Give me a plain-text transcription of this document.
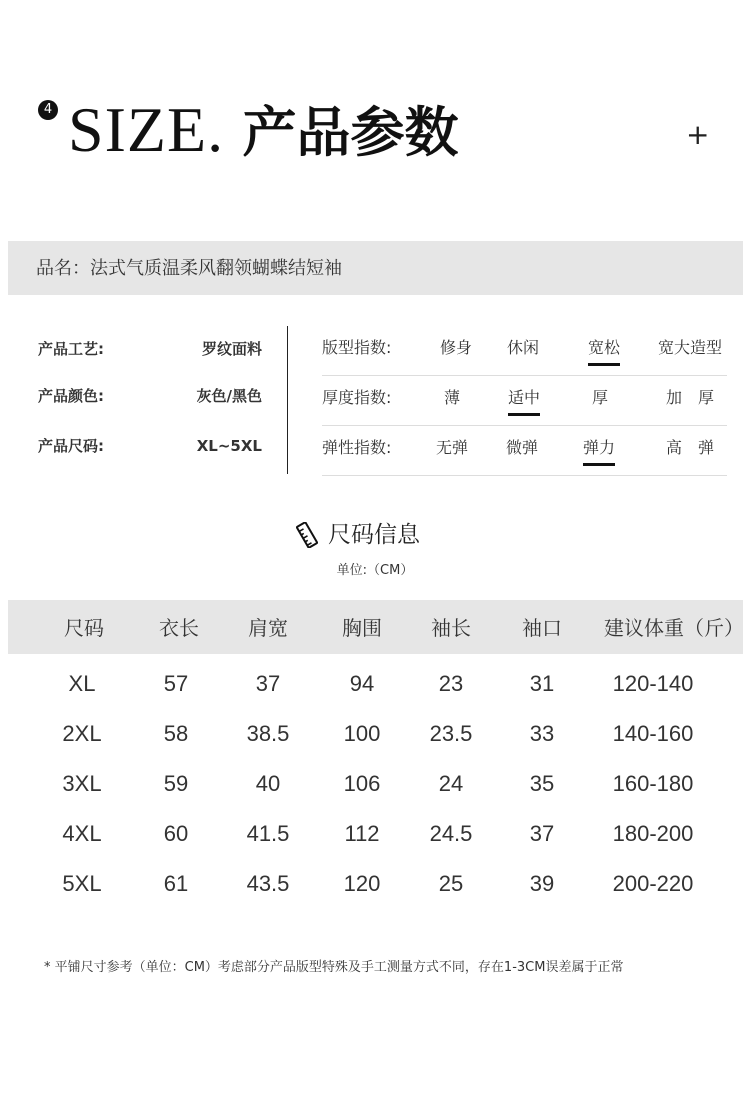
4 SIZE. 产品参数	+
品名：法式气质温柔风翻领蝴蝶结短袖
产品工艺:	罗纹面料
产品颜色:	灰色/黑色
产品尺码:	XL~5XL
版型指数:	修身 休闲	宽松 宽大造型
厚度指数:	薄	适中	厚	加　厚
弹性指数:	无弹 微弹	弹力	高　弹
尺码信息
单位:（CM）
尺码	衣长 肩宽	胸围 袖长	袖口 建议体重（斤）
XL	57	37	94	23	31	120-140
2XL	58	38.5 100 23.5	33	140-160
3XL	59	40	106	24	35	160-180
4XL	60	41.5	112 24.5	37	180-200
5XL	61	43.5 120	25	39	200-220
* 平铺尺寸参考（单位：CM）考虑部分产品版型特殊及手工测量方式不同，存在1-3CM误差属于正常
